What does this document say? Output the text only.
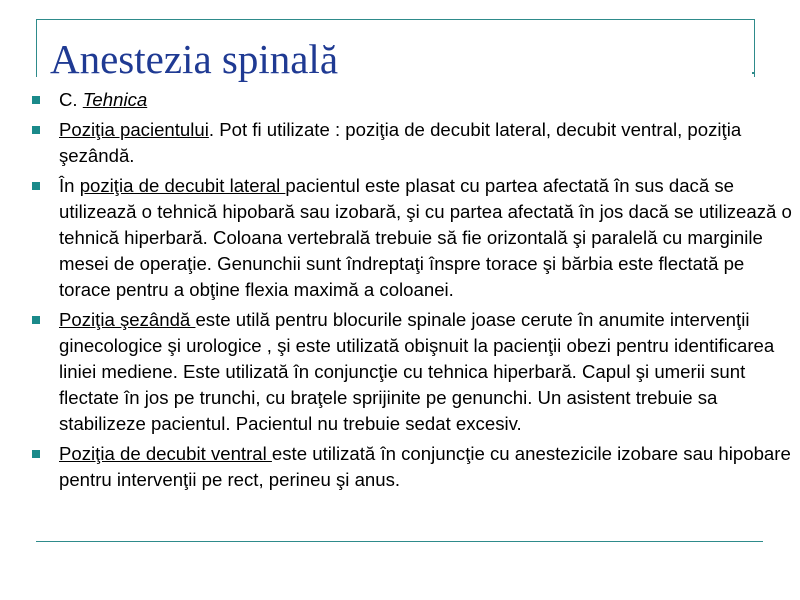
Anestezia spinală
C. Tehnica
Poziţia pacientului. Pot fi utilizate : poziţia de decubit lateral, decubit ventral, poziţia şezândă.
În poziţia de decubit lateral pacientul este plasat cu partea afectată în sus dacă se utilizează o tehnică hipobară sau izobară, şi cu partea afectată în jos dacă se utilizează o tehnică hiperbară. Coloana vertebrală trebuie să fie orizontală şi paralelă cu marginile mesei de operaţie. Genunchii sunt îndreptaţi înspre torace şi bărbia este flectată pe torace pentru a obţine flexia maximă a coloanei.
Poziţia şezândă este utilă pentru blocurile spinale joase cerute în anumite intervenţii ginecologice şi urologice , şi este utilizată obişnuit la pacienţii obezi pentru identificarea liniei mediene. Este utilizată în conjuncţie cu tehnica hiperbară. Capul şi umerii sunt flectate în jos pe trunchi, cu braţele sprijinite pe genunchi. Un asistent trebuie sa stabilizeze pacientul. Pacientul nu trebuie sedat excesiv.
Poziţia de decubit ventral este utilizată în conjuncţie cu anestezicile izobare sau hipobare pentru intervenţii pe rect, perineu şi anus.
